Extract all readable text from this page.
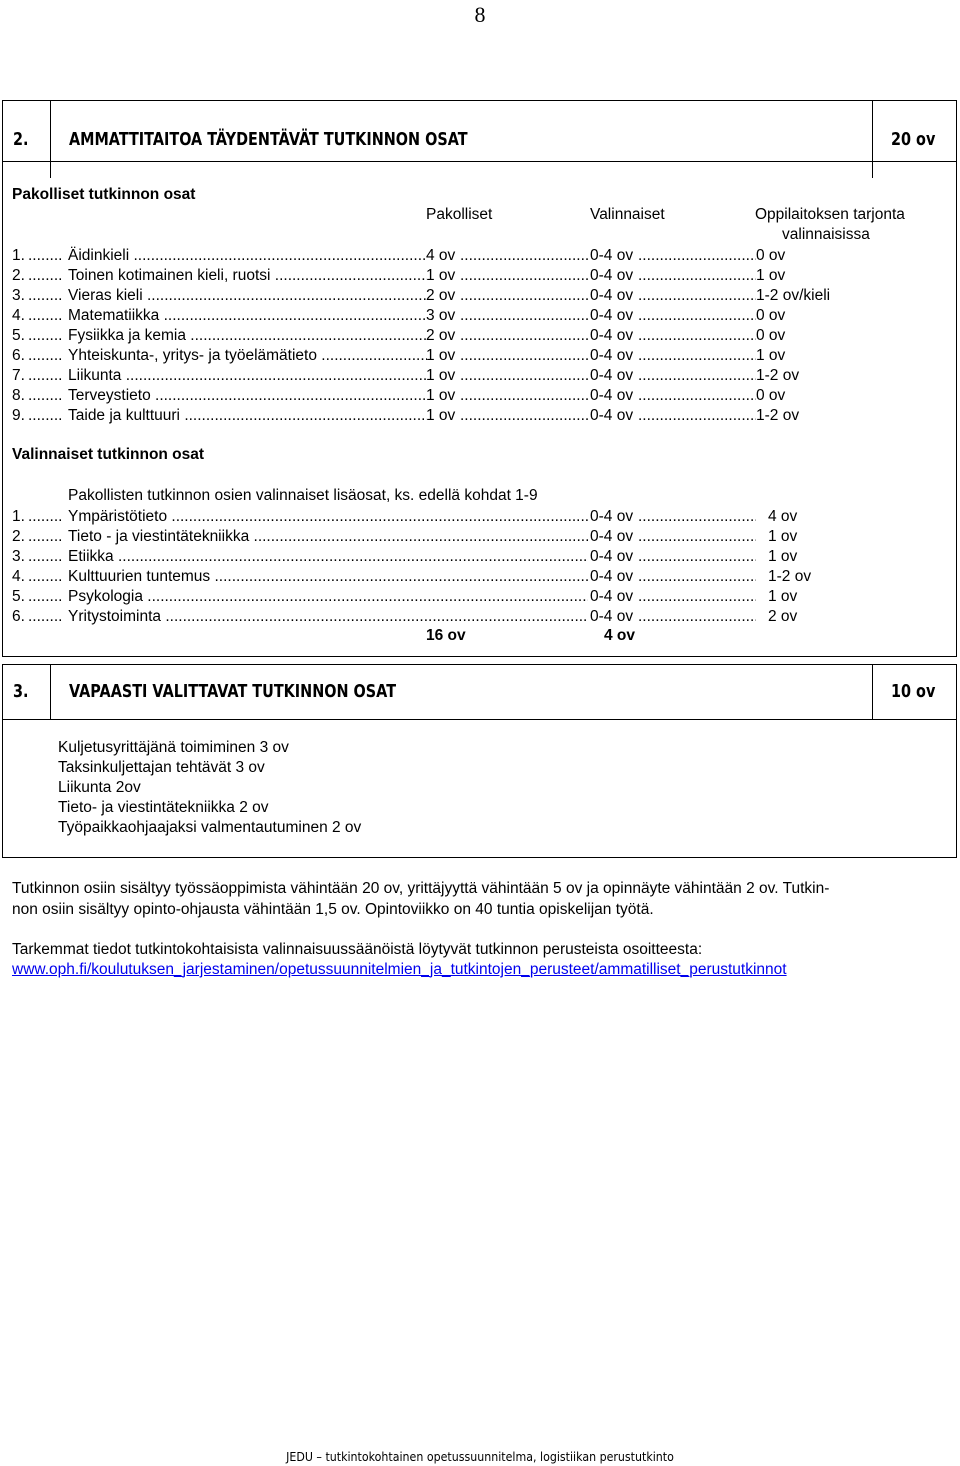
8
2. AMMATTITAITOA TÄYDENTÄVÄT TUTKINNON OSAT	20 ov
Pakolliset tutkinnon osat
Pakolliset	Valinnaiset	Oppilaitoksen tarjonta
valinnaisissa
1. ........ Äidinkieli .....	4 ov .....	0-4 ov .....	0 ov
2. ........ Toinen kotimainen kieli, ruotsi .....	1 ov .....	0-4 ov .....	1 ov
3. ........ Vieras kieli .....	2 ov .....	0-4 ov .....	1-2 ov/kieli
4. ........ Matematiikka .....	3 ov .....	0-4 ov .....	0 ov
5. ........ Fysiikka ja kemia .....	2 ov .....	0-4 ov .....	0 ov
6. ........ Yhteiskunta-, yritys- ja työelämätieto .....	1 ov .....	0-4 ov .....	1 ov
7. ........ Liikunta .....	1 ov .....	0-4 ov .....	1-2 ov
8. ........ Terveystieto .....	1 ov .....	0-4 ov .....	0 ov
9. ........ Taide ja kulttuuri .....	1 ov .....	0-4 ov .....	1-2 ov
Valinnaiset tutkinnon osat
Pakollisten tutkinnon osien valinnaiset lisäosat, ks. edellä kohdat 1-9
1. ........ Ympäristötieto .....	0-4 ov .....	4 ov
2. ........ Tieto - ja viestintätekniikka .....	0-4 ov .....	1 ov
3. ........ Etiikka .....	0-4 ov .....	1 ov
4. ........ Kulttuurien tuntemus .....	0-4 ov .....	1-2 ov
5. ........ Psykologia .....	0-4 ov .....	1 ov
6. ........ Yritystoiminta .....	0-4 ov .....	2 ov
16 ov	4 ov
3. VAPAASTI VALITTAVAT TUTKINNON OSAT	10 ov
Kuljetusyrittäjänä toimiminen 3 ov
Taksinkuljettajan tehtävät 3 ov
Liikunta 2ov
Tieto- ja viestintätekniikka 2 ov
Työpaikkaohjaajaksi valmentautuminen 2 ov
Tutkinnon osiin sisältyy työssäoppimista vähintään 20 ov, yrittäjyyttä vähintään 5 ov ja opinnäyte vähintään 2 ov. Tutkin-
non osiin sisältyy opinto-ohjausta vähintään 1,5 ov. Opintoviikko on 40 tuntia opiskelijan työtä.
Tarkemmat tiedot tutkintokohtaisista valinnaisuussäänöistä löytyvät tutkinnon perusteista osoitteesta:
www.oph.fi/koulutuksen_jarjestaminen/opetussuunnitelmien_ja_tutkintojen_perusteet/ammatilliset_perustutkinnot
JEDU – tutkintokohtainen opetussuunnitelma, logistiikan perustutkinto
